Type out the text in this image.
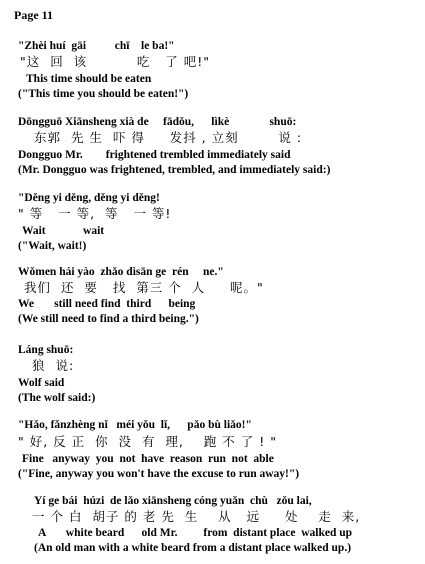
Page 11
"Zhèi huí  gāi          chī    le ba!"
"这  回  该          吃   了 吧!"
This time should be eaten
("This time you should be eaten!")
Dōngguō Xiānsheng xià de     fādǒu,      lìkè              shuō:
东郭  先 生  吓 得     发抖 , 立刻        说 :
Dongguo Mr.        frightened trembled immediately said
(Mr. Dongguo was frightened, trembled, and immediately said:)
"Děng yi děng, děng yi děng!
" 等   一 等,  等   一 等!
Wait             wait
("Wait, wait!)
Wǒmen hái yào  zhǎo dìsān ge  rén     ne."
我们  还  要   找  第三 个  人     呢。"
We       still need find  third      being
(We still need to find a third being.")
Láng shuō:
狼  说:
Wolf said
(The wolf said:)
"Hǎo, fǎnzhèng nǐ   méi yǒu  lǐ,      pǎo bù liǎo!"
" 好, 反 正  你  没  有  理,    跑 不 了 ! "
Fine   anyway  you  not  have  reason  run  not  able
("Fine, anyway you won't have the excuse to run away!")
Yí ge bái  húzi  de lǎo xiānsheng cóng yuǎn  chù   zǒu lai,
一 个 白  胡子 的 老 先  生    从   远     处    走  来,
A       white beard      old Mr.         from  distant place  walked up
(An old man with a white beard from a distant place walked up.)
